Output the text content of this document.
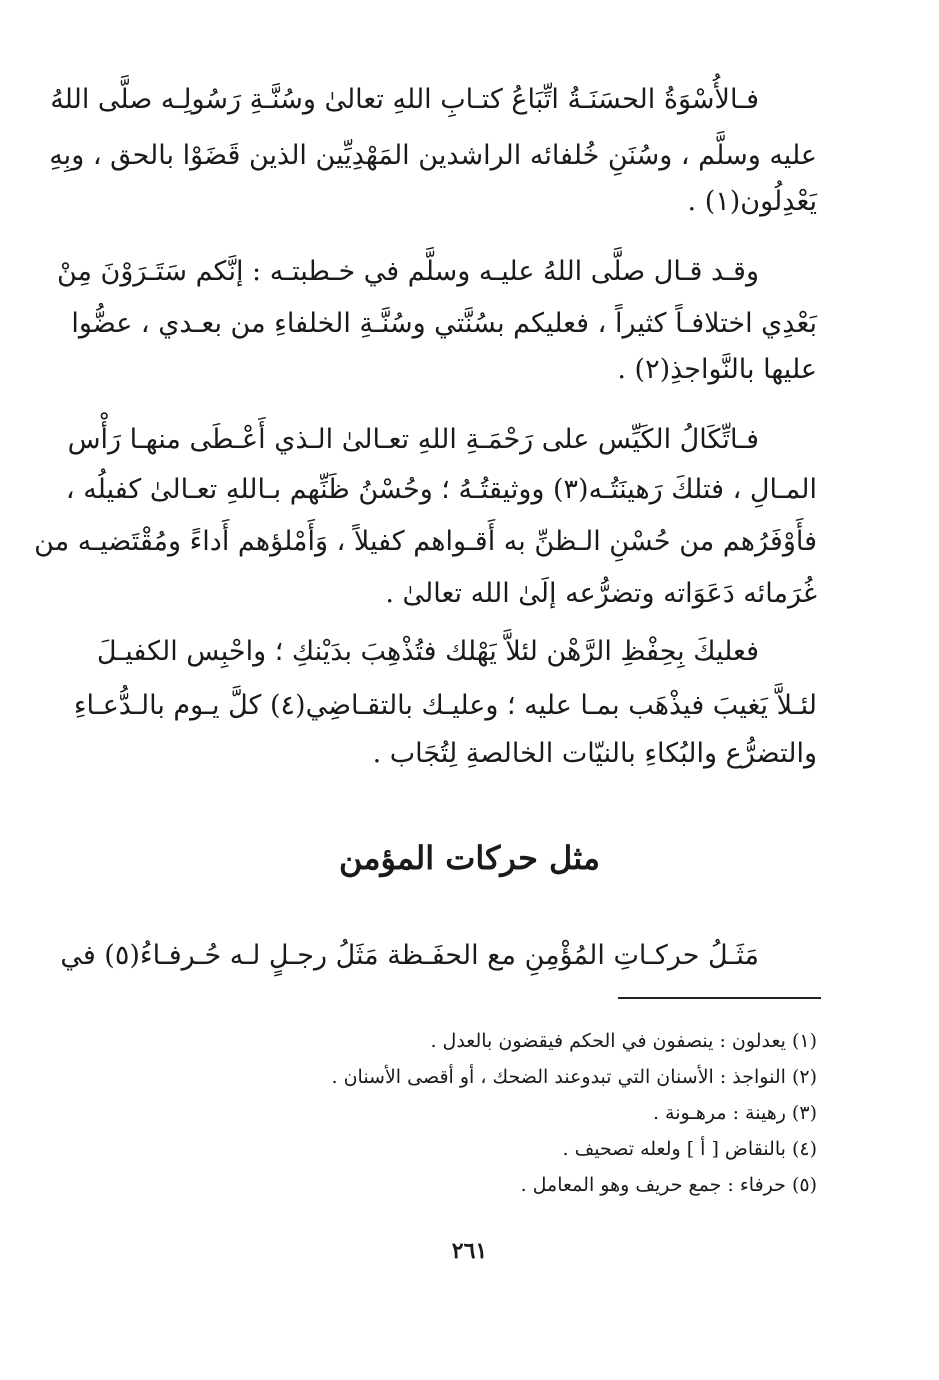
فـالأُسْوَةُ الحسَنَـةُ اتِّبَاعُ كتـابِ اللهِ تعالىٰ وسُنَّـةِ رَسُولِـه صلَّى اللهُ
عليه وسلَّم ، وسُنَنِ خُلفائه الراشدين المَهْدِيِّين الذين قَضَوْا بالحق ، وبِهِ
يَعْدِلُون(١) .
وقـد قـال صلَّى اللهُ عليـه وسلَّم في خـطبتـه : إنَّكم سَتَـرَوْنَ مِنْ
بَعْدِي اختلافـاً كثيراً ، فعليكم بسُنَّتي وسُنَّـةِ الخلفاءِ من بعـدي ، عضُّوا
عليها بالنَّواجذِ(٢) .
فـاتِّكَالُ الكَيِّس على رَحْمَـةِ اللهِ تعـالىٰ الـذي أَعْـطَى منهـا رَأْس
المـالِ ، فتلكَ رَهينَتُـه(٣) ووثيقتُـهُ ؛ وحُسْنُ ظَنِّهم بـاللهِ تعـالىٰ كفيلُه ،
فأَوْفَرُهم من حُسْنِ الـظنِّ به أَقـواهم كفيلاً ، وَأَمْلؤهم أَداءً ومُقْتَضيـه من
غُرَمائه دَعَوَاته وتضرُّعه إلَىٰ الله تعالىٰ .
فعليكَ بِحِفْظِ الرَّهْن لئلاَّ يَهْلك فتُذْهِبَ بدَيْنكِ ؛ واحْبِس الكفيـلَ
لئـلاَّ يَغيبَ فيذْهَب بمـا عليه ؛ وعليـك بالتقـاضِي(٤) كلَّ يـوم بالـدُّعـاءِ
والتضرُّع والبُكاءِ بالنيّات الخالصةِ لِتُجَاب .
مثل حركات المؤمن
مَثَـلُ حركـاتِ المُؤْمِنِ مع الحفَـظة مَثَلُ رجـلٍ لـه حُـرفـاءُ(٥) في
(١) يعدلون : ينصفون في الحكم فيقضون بالعدل .
(٢) النواجذ : الأسنان التي تبدوعند الضحك ، أو أقصى الأسنان .
(٣) رهينة : مرهـونة .
(٤) بالنقاض [ أ ] ولعله تصحيف .
(٥) حرفاء : جمع حريف وهو المعامل .
٢٦١
